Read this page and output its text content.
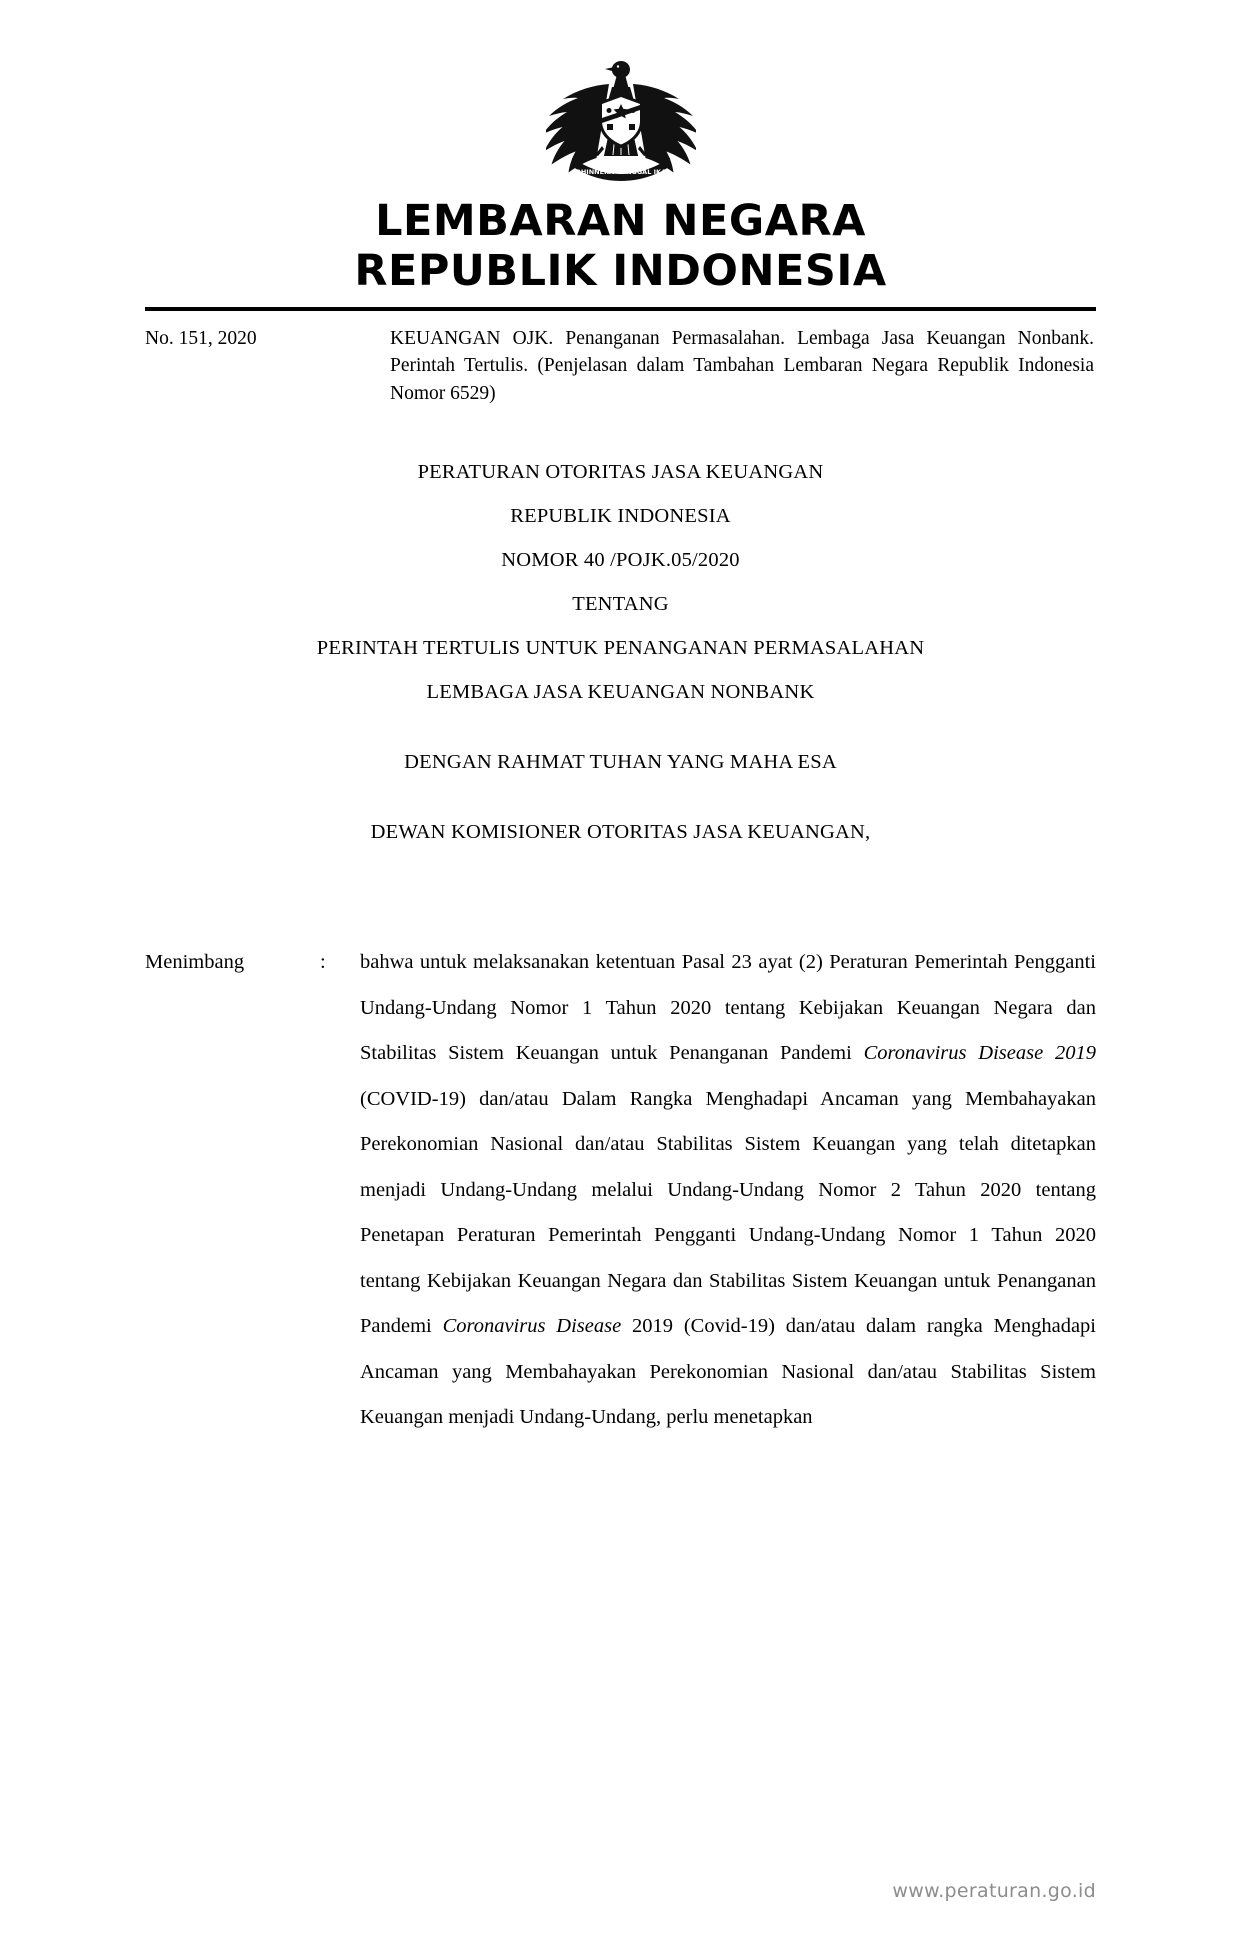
BHINNEKA TUNGGAL IKA
LEMBARAN NEGARA
REPUBLIK INDONESIA
No. 151, 2020	KEUANGAN OJK. Penanganan Permasalahan. Lembaga Jasa Keuangan Nonbank. Perintah Tertulis. (Penjelasan dalam Tambahan Lembaran Negara Republik Indonesia Nomor 6529)
PERATURAN OTORITAS JASA KEUANGAN
REPUBLIK INDONESIA
NOMOR 40 /POJK.05/2020
TENTANG
PERINTAH TERTULIS UNTUK PENANGANAN PERMASALAHAN
LEMBAGA JASA KEUANGAN NONBANK
DENGAN RAHMAT TUHAN YANG MAHA ESA
DEWAN KOMISIONER OTORITAS JASA KEUANGAN,
Menimbang	:	bahwa untuk melaksanakan ketentuan Pasal 23 ayat (2) Peraturan Pemerintah Pengganti Undang-Undang Nomor 1 Tahun 2020 tentang Kebijakan Keuangan Negara dan Stabilitas Sistem Keuangan untuk Penanganan Pandemi Coronavirus Disease 2019 (COVID-19) dan/atau Dalam Rangka Menghadapi Ancaman yang Membahayakan Perekonomian Nasional dan/atau Stabilitas Sistem Keuangan yang telah ditetapkan menjadi Undang-Undang melalui Undang-Undang Nomor 2 Tahun 2020 tentang Penetapan Peraturan Pemerintah Pengganti Undang-Undang Nomor 1 Tahun 2020 tentang Kebijakan Keuangan Negara dan Stabilitas Sistem Keuangan untuk Penanganan Pandemi Coronavirus Disease 2019 (Covid-19) dan/atau dalam rangka Menghadapi Ancaman yang Membahayakan Perekonomian Nasional dan/atau Stabilitas Sistem Keuangan menjadi Undang-Undang, perlu menetapkan
www.peraturan.go.id
